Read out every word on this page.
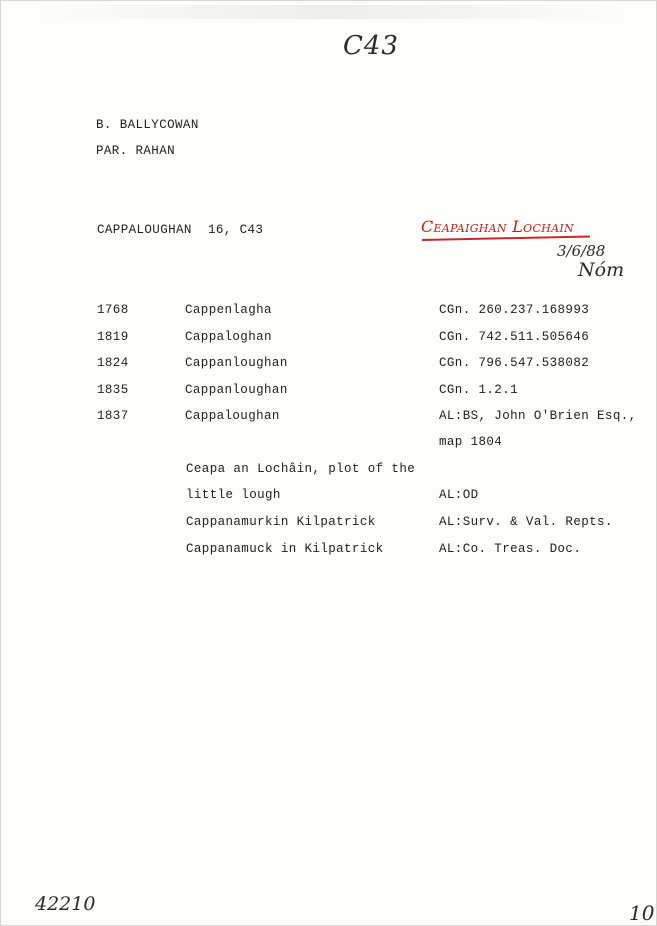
C43
B. BALLYCOWAN
PAR. RAHAN
CAPPALOUGHAN 16, C43	Ceapaighan Lochain
3/6/88
Nóm
1768	Cappenlagha	CGn. 260.237.168993
1819	Cappaloghan	CGn. 742.511.505646
1824	Cappanloughan	CGn. 796.547.538082
1835	Cappanloughan	CGn. 1.2.1
1837	Cappaloughan	AL:BS, John O'Brien Esq.,
map 1804
Ceapa an Lochâin, plot of the
little lough	AL:OD
Cappanamurkin Kilpatrick	AL:Surv. & Val. Repts.
Cappanamuck in Kilpatrick	AL:Co. Treas. Doc.
42210	10
